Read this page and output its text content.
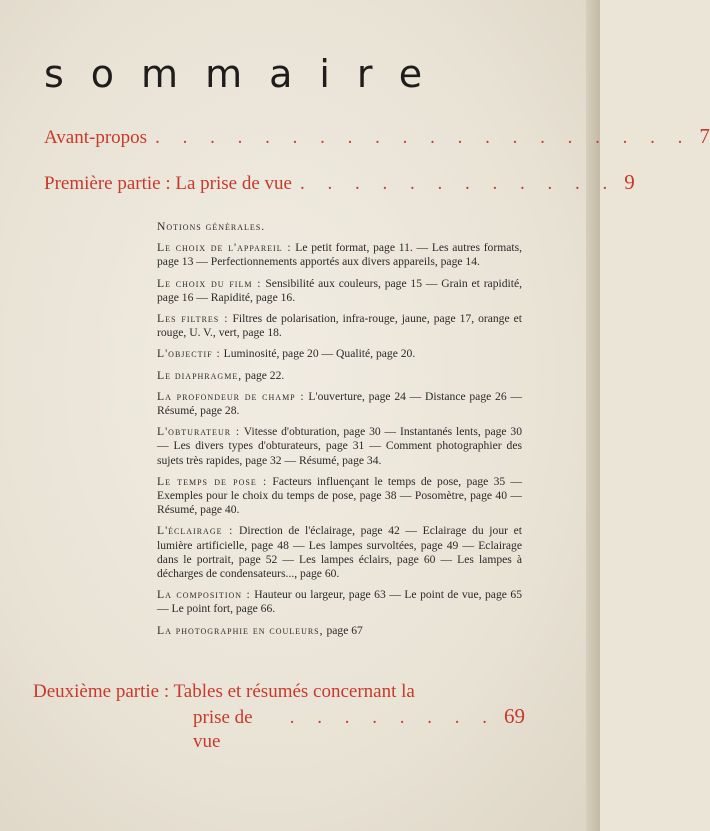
sommaire
Avant-propos . . . . . . . . . . . . . . . . . . . . 7
Première partie : La prise de vue . . . . . . . . . . . . 9
Notions générales.
Le choix de l'appareil : Le petit format, page 11. — Les autres formats, page 13 — Perfectionnements apportés aux divers appareils, page 14.
Le choix du film : Sensibilité aux couleurs, page 15 — Grain et rapidité, page 16 — Rapidité, page 16.
Les filtres : Filtres de polarisation, infra-rouge, jaune, page 17, orange et rouge, U. V., vert, page 18.
L'objectif : Luminosité, page 20 — Qualité, page 20.
Le diaphragme, page 22.
La profondeur de champ : L'ouverture, page 24 — Distance page 26 — Résumé, page 28.
L'obturateur : Vitesse d'obturation, page 30 — Instantanés lents, page 30 — Les divers types d'obturateurs, page 31 — Comment photographier des sujets très rapides, page 32 — Résumé, page 34.
Le temps de pose : Facteurs influençant le temps de pose, page 35 — Exemples pour le choix du temps de pose, page 38 — Posomètre, page 40 — Résumé, page 40.
L'éclairage : Direction de l'éclairage, page 42 — Eclairage du jour et lumière artificielle, page 48 — Les lampes survoltées, page 49 — Eclairage dans le portrait, page 52 — Les lampes éclairs, page 60 — Les lampes à décharges de condensateurs..., page 60.
La composition : Hauteur ou largeur, page 63 — Le point de vue, page 65 — Le point fort, page 66.
La photographie en couleurs, page 67
Deuxième partie : Tables et résumés concernant la
prise de vue
. . . . . . . . 69
